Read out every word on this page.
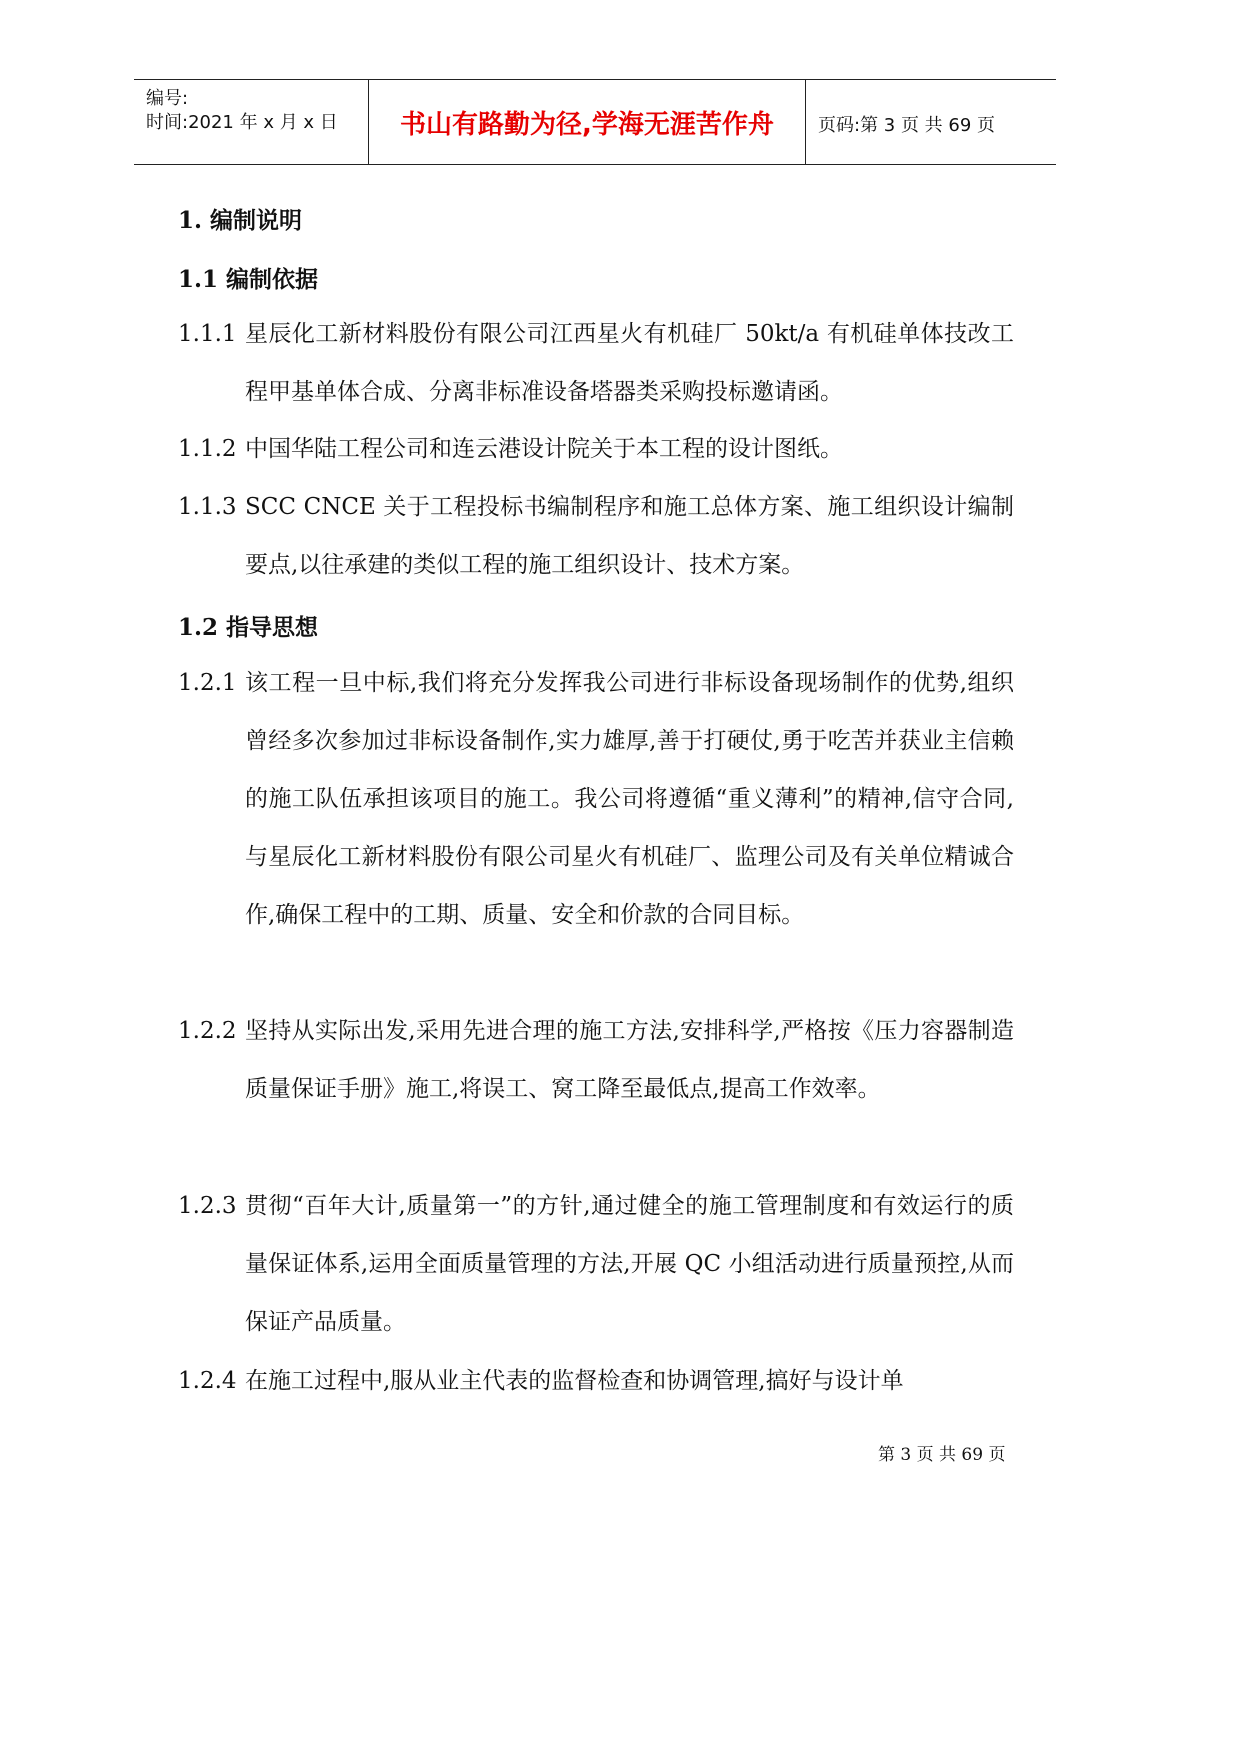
编号:
时间:2021 年 x 月 x 日	书山有路勤为径,学海无涯苦作舟	页码:第 3 页 共 69 页
1. 编制说明
1.1 编制依据
1.1.1 星辰化工新材料股份有限公司江西星火有机硅厂 50kt/a 有机硅单体技改工程甲基单体合成、分离非标准设备塔器类采购投标邀请函。
1.1.2 中国华陆工程公司和连云港设计院关于本工程的设计图纸。
1.1.3 SCC CNCE 关于工程投标书编制程序和施工总体方案、施工组织设计编制要点,以往承建的类似工程的施工组织设计、技术方案。
1.2 指导思想
1.2.1 该工程一旦中标,我们将充分发挥我公司进行非标设备现场制作的优势,组织曾经多次参加过非标设备制作,实力雄厚,善于打硬仗,勇于吃苦并获业主信赖的施工队伍承担该项目的施工。我公司将遵循“重义薄利”的精神,信守合同,与星辰化工新材料股份有限公司星火有机硅厂、监理公司及有关单位精诚合作,确保工程中的工期、质量、安全和价款的合同目标。
1.2.2 坚持从实际出发,采用先进合理的施工方法,安排科学,严格按《压力容器制造质量保证手册》施工,将误工、窝工降至最低点,提高工作效率。
1.2.3 贯彻“百年大计,质量第一”的方针,通过健全的施工管理制度和有效运行的质量保证体系,运用全面质量管理的方法,开展 QC 小组活动进行质量预控,从而保证产品质量。
1.2.4 在施工过程中,服从业主代表的监督检查和协调管理,搞好与设计单
第 3 页 共 69 页
